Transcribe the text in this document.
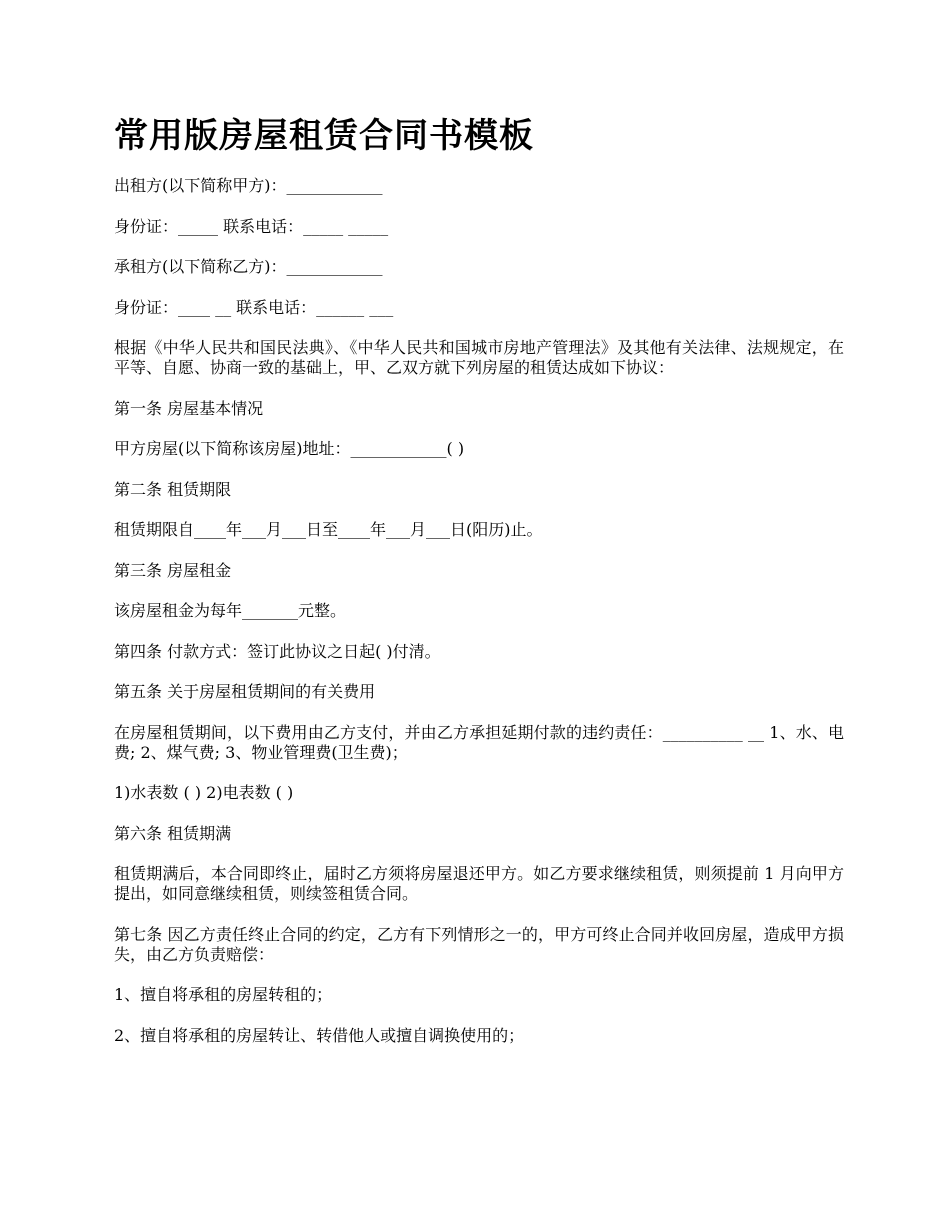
常用版房屋租赁合同书模板

出租方(以下简称甲方)：____________

身份证：_____ 联系电话：_____ _____

承租方(以下简称乙方)：____________

身份证：____ __ 联系电话：______ ___

根据《中华人民共和国民法典》、《中华人民共和国城市房地产管理法》及其他有关法律、法规规定，在平等、自愿、协商一致的基础上，甲、乙双方就下列房屋的租赁达成如下协议：

第一条 房屋基本情况

甲方房屋(以下简称该房屋)地址：____________( )

第二条 租赁期限

租赁期限自____年___月___日至____年___月___日(阳历)止。

第三条 房屋租金

该房屋租金为每年_______元整。

第四条 付款方式：签订此协议之日起( )付清。

第五条 关于房屋租赁期间的有关费用

在房屋租赁期间，以下费用由乙方支付，并由乙方承担延期付款的违约责任：__________ __ 1、水、电费; 2、煤气费; 3、物业管理费(卫生费)；

1)水表数 ( ) 2)电表数 ( )

第六条 租赁期满

租赁期满后，本合同即终止，届时乙方须将房屋退还甲方。如乙方要求继续租赁，则须提前 1 月向甲方提出，如同意继续租赁，则续签租赁合同。

第七条 因乙方责任终止合同的约定，乙方有下列情形之一的，甲方可终止合同并收回房屋，造成甲方损失，由乙方负责赔偿：

1、擅自将承租的房屋转租的；

2、擅自将承租的房屋转让、转借他人或擅自调换使用的；
